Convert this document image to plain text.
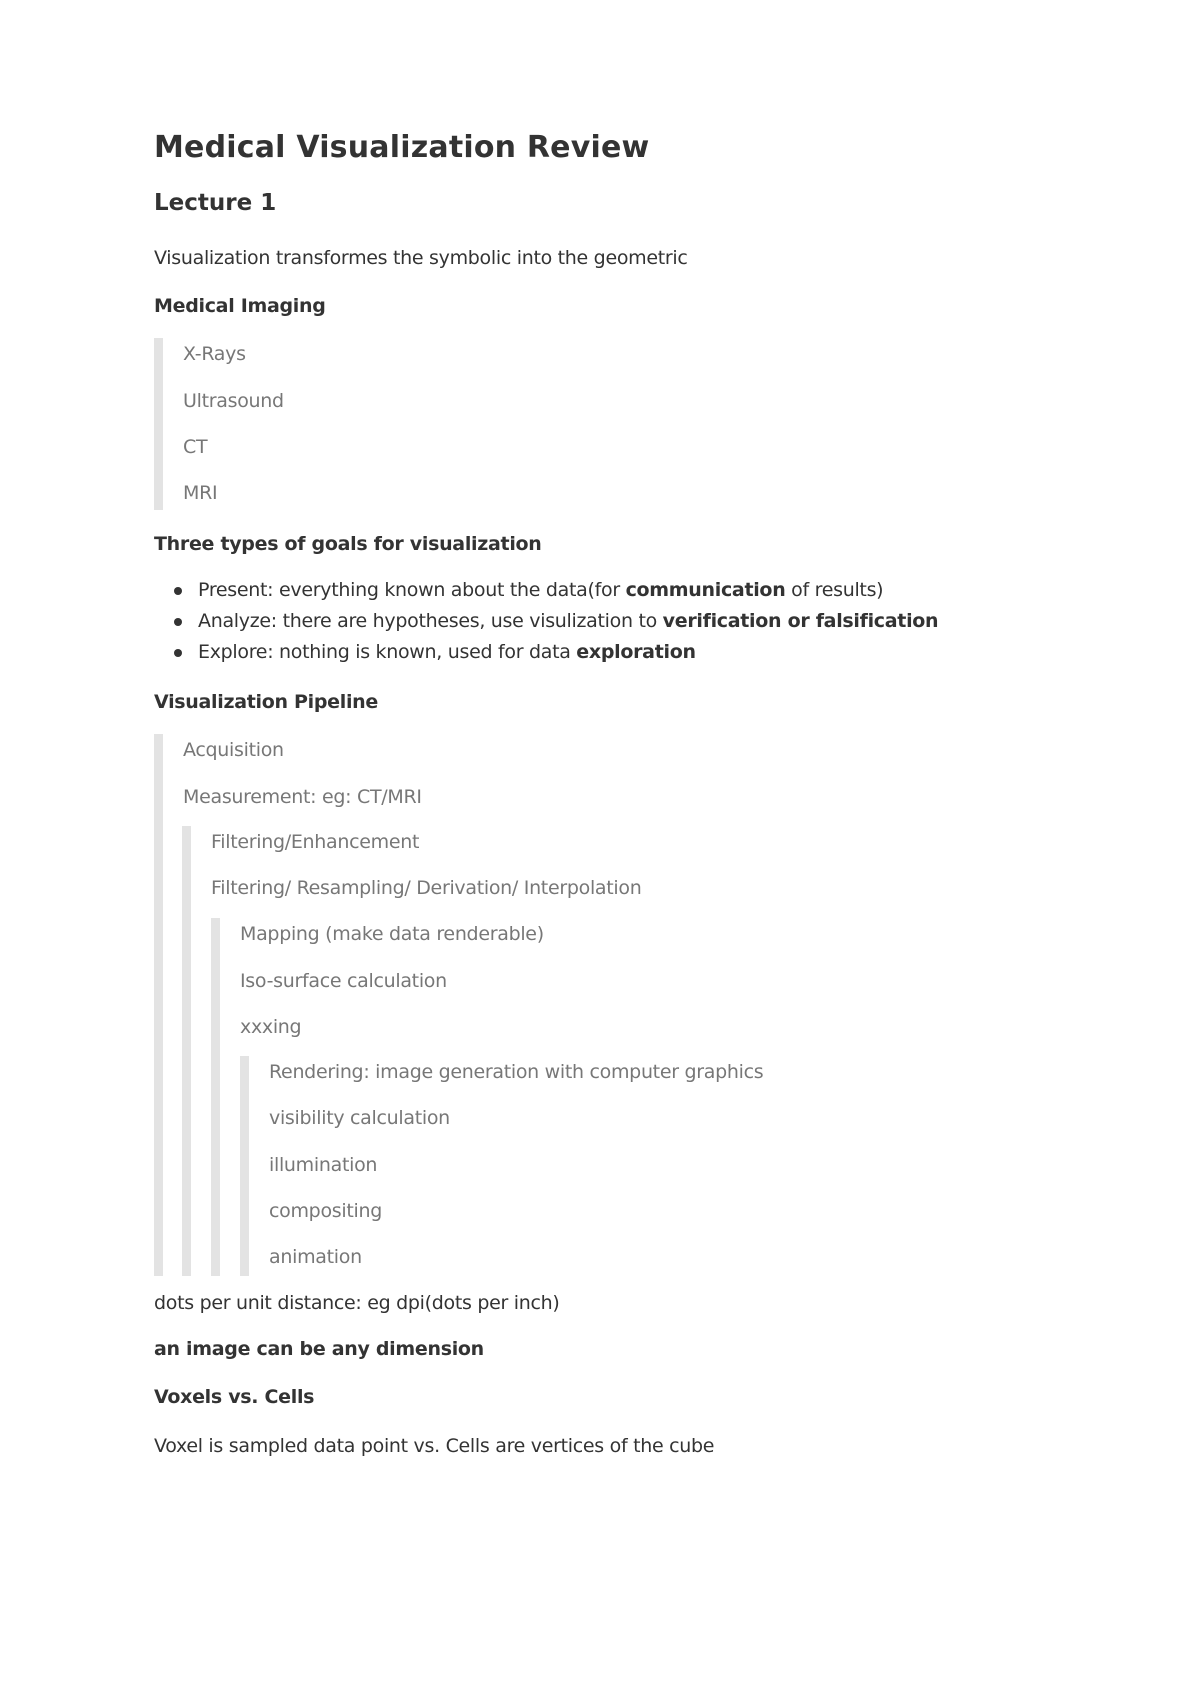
Medical Visualization Review
Lecture 1

Visualization transformes the symbolic into the geometric

Medical Imaging

X-Rays

Ultrasound

CT

MRI

Three types of goals for visualization

Present: everything known about the data(for communication of results)
Analyze: there are hypotheses, use visulization to verification or falsification
Explore: nothing is known, used for data exploration

Visualization Pipeline

Acquisition

Measurement: eg: CT/MRI

Filtering/Enhancement

Filtering/ Resampling/ Derivation/ Interpolation

Mapping (make data renderable)

Iso-surface calculation

xxxing

Rendering: image generation with computer graphics

visibility calculation

illumination

compositing

animation

dots per unit distance: eg dpi(dots per inch)

an image can be any dimension

Voxels vs. Cells

Voxel is sampled data point vs. Cells are vertices of the cube
